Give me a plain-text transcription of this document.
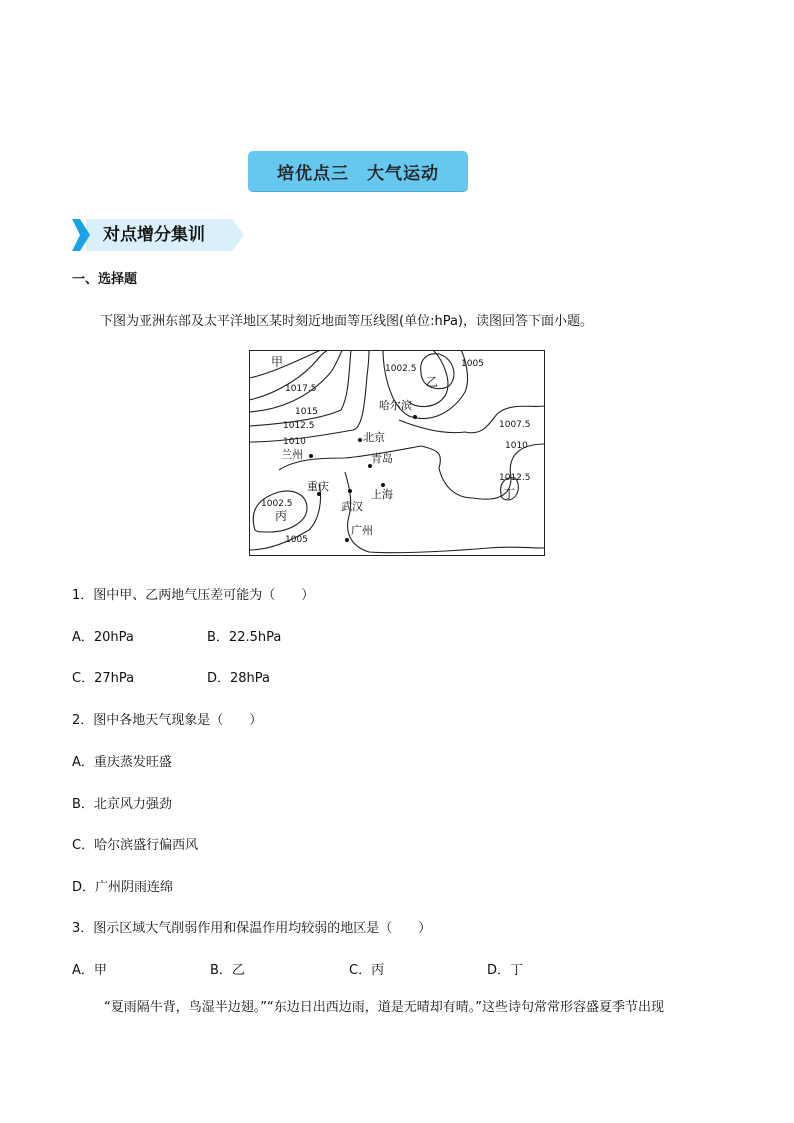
培优点三　大气运动
对点增分集训
一、选择题
下图为亚洲东部及太平洋地区某时刻近地面等压线图(单位:hPa)，读图回答下面小题。
1017.5
1015
1012.5
1010
1002.5	1005
1007.5
1010
1012.5
1002.5
1005
甲
乙
丙
丁
哈尔滨
北京
兰州	青岛
重庆
上海
武汉
广州
1．图中甲、乙两地气压差可能为（　　）
A．20hPa	B．22.5hPa
C．27hPa	D．28hPa
2．图中各地天气现象是（　　）
A．重庆蒸发旺盛
B．北京风力强劲
C．哈尔滨盛行偏西风
D．广州阴雨连绵
3．图示区域大气削弱作用和保温作用均较弱的地区是（　　）
A．甲	B．乙	C．丙	D．丁
“夏雨隔牛背，鸟湿半边翅。”“东边日出西边雨，道是无晴却有晴。”这些诗句常常形容盛夏季节出现
